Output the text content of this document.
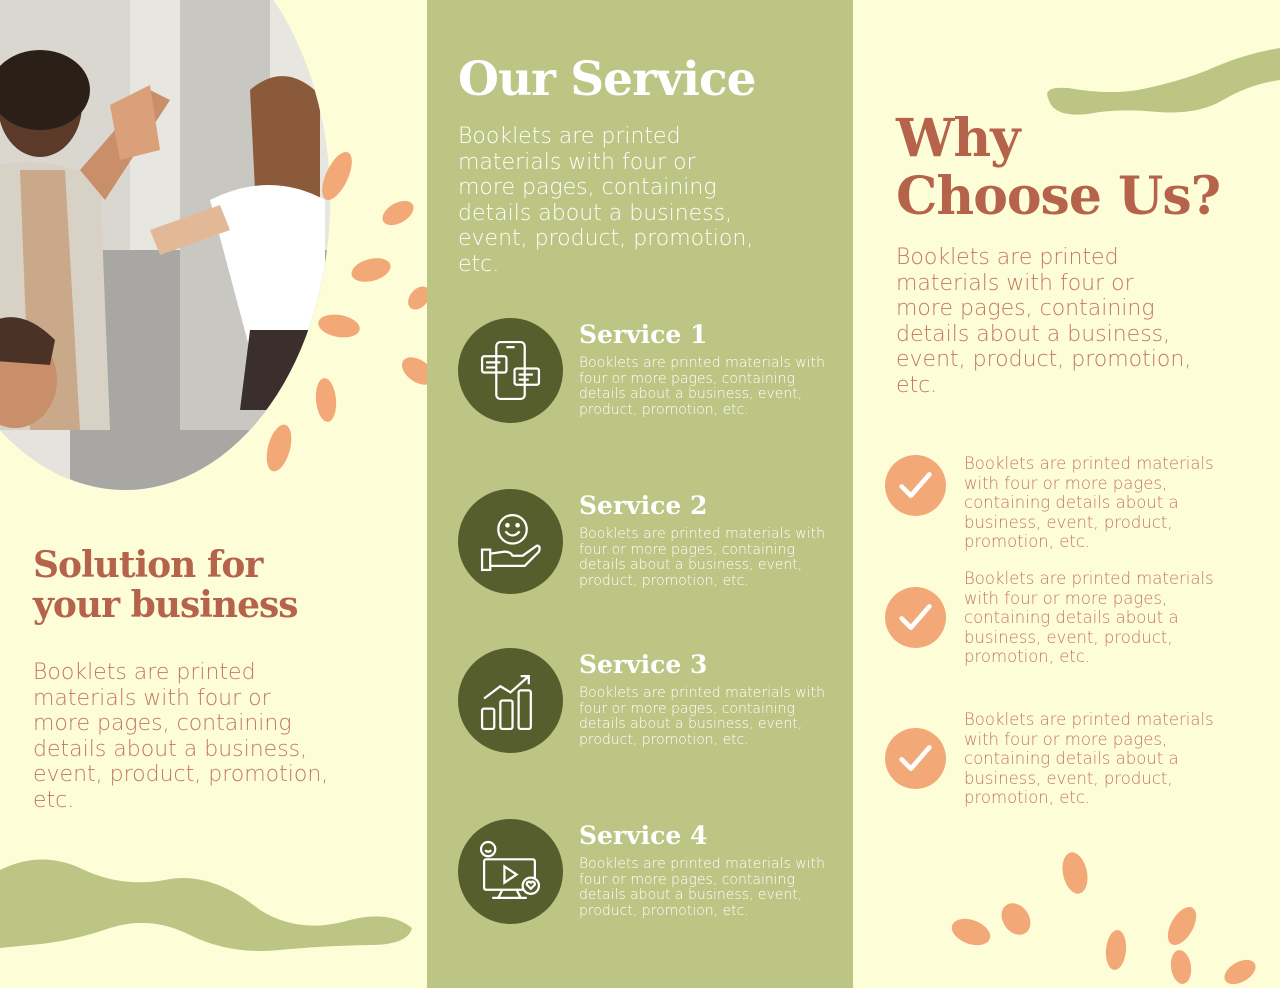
Solution for
your business

Booklets are printed materials with four or more pages, containing details about a business, event, product, promotion, etc.

Our Service

Booklets are printed materials with four or more pages, containing details about a business, event, product, promotion, etc.

Service 1

Booklets are printed materials with four or more pages, containing details about a business, event, product, promotion, etc.

Service 2

Booklets are printed materials with four or more pages, containing details about a business, event, product, promotion, etc.

Service 3

Booklets are printed materials with four or more pages, containing details about a business, event, product, promotion, etc.

Service 4

Booklets are printed materials with four or more pages, containing details about a business, event, product, promotion, etc.

Why
Choose Us?

Booklets are printed materials with four or more pages, containing details about a business, event, product, promotion, etc.

Booklets are printed materials with four or more pages, containing details about a business, event, product, promotion, etc.

Booklets are printed materials with four or more pages, containing details about a business, event, product, promotion, etc.

Booklets are printed materials with four or more pages, containing details about a business, event, product, promotion, etc.
